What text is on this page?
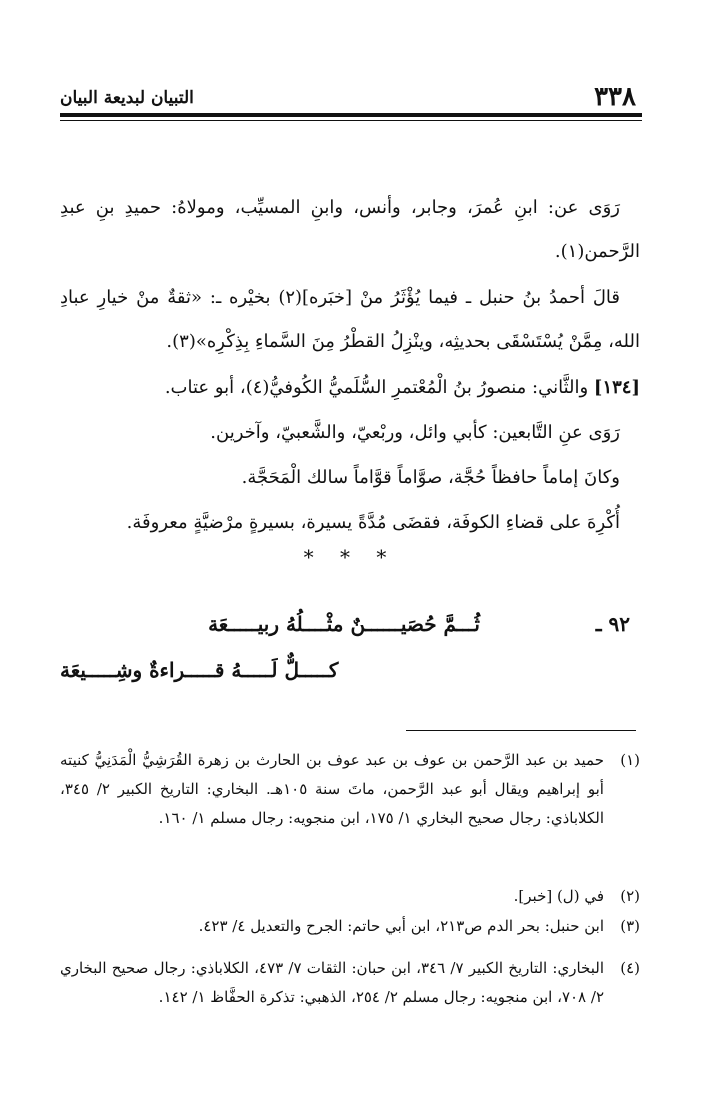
٣٣٨
التبيان لبديعة البيان

رَوَى عن: ابنِ عُمرَ، وجابر، وأنس، وابنِ المسيِّب، ومولاهُ: حميدِ بنِ عبدِ الرَّحمن(١).

قالَ أحمدُ بنُ حنبل ـ فيما يُؤْثَرُ منْ [خبَره](٢) بخيْره ـ: «ثقةٌ منْ خيارِ عبادِ الله، مِمَّنْ يُسْتَسْقَى بحديثِه، وينْزِلُ القطْرُ مِنَ السَّماءِ بِذِكْرِه»(٣).

[١٣٤] والثَّاني: منصورُ بنُ الْمُعْتمرِ السُّلَميُّ الكُوفيُّ(٤)، أبو عتاب.

رَوَى عنِ التَّابعين: كأبي وائل، وربْعيّ، والشَّعبيّ، وآخرين.

وكانَ إماماً حافظاً حُجَّة، صوَّاماً قوَّاماً سالك الْمَحَجَّة.

أُكْرِهَ على قضاءِ الكوفَة، فقضَى مُدَّةً يسيرة، بسيرةٍ مرْضيَّةٍ معروفَة.

* * *
٩٢ ـ
ثُـــمَّ حُصَيــــــنٌ مثْــــلُهُ ربيـــــعَة
كـــــلٌّ لَـــــهُ قـــــراءةٌ وشِـــــيعَة
(١)
حميد بن عبد الرَّحمن بن عوف بن عبد عوف بن الحارث بن زهرة القُرَشِيُّ الْمَدَنِيُّ كنيته أبو إبراهيم ويقال أبو عبد الرَّحمن، ماتَ سنة ١٠٥هـ. البخاري: التاريخ الكبير ٢/ ٣٤٥، الكلاباذي: رجال صحيح البخاري ١/ ١٧٥، ابن منجويه: رجال مسلم ١/ ١٦٠.
(٢)
في (ل) [خبر].
(٣)
ابن حنبل: بحر الدم ص٢١٣، ابن أبي حاتم: الجرح والتعديل ٤/ ٤٢٣.
(٤)
البخاري: التاريخ الكبير ٧/ ٣٤٦، ابن حبان: الثقات ٧/ ٤٧٣، الكلاباذي: رجال صحيح البخاري ٢/ ٧٠٨، ابن منجويه: رجال مسلم ٢/ ٢٥٤، الذهبي: تذكرة الحفَّاظ ١/ ١٤٢.
